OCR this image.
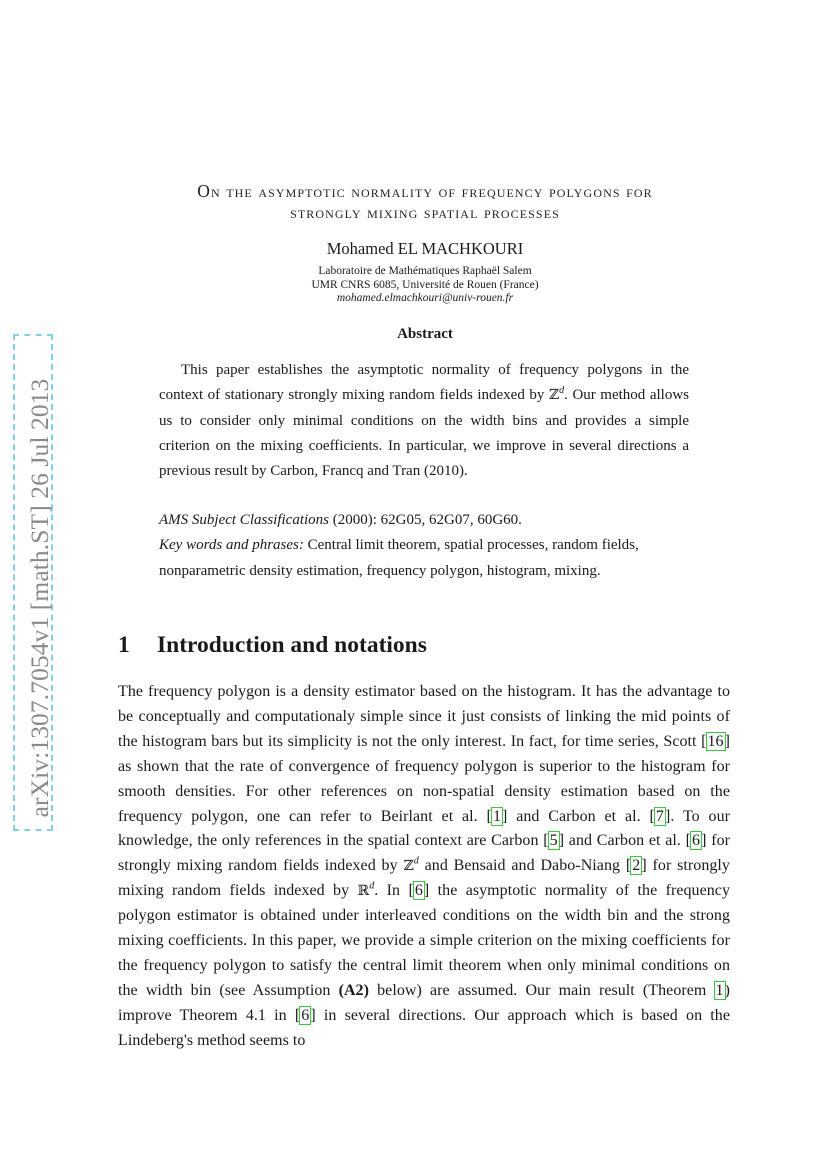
arXiv:1307.7054v1 [math.ST] 26 Jul 2013
On the asymptotic normality of frequency polygons for
strongly mixing spatial processes
Mohamed EL MACHKOURI
Laboratoire de Mathématiques Raphaël Salem
UMR CNRS 6085, Université de Rouen (France)
mohamed.elmachkouri@univ-rouen.fr
Abstract
This paper establishes the asymptotic normality of frequency polygons in the context of stationary strongly mixing random fields indexed by ℤ$^d$. Our method allows us to consider only minimal conditions on the width bins and provides a simple criterion on the mixing coefficients. In particular, we improve in several directions a previous result by Carbon, Francq and Tran (2010).
AMS Subject Classifications (2000): 62G05, 62G07, 60G60.
Key words and phrases: Central limit theorem, spatial processes, random fields, nonparametric density estimation, frequency polygon, histogram, mixing.
1 Introduction and notations

The frequency polygon is a density estimator based on the histogram. It has the advantage to be conceptually and computationaly simple since it just consists of linking the mid points of the histogram bars but its simplicity is not the only interest. In fact, for time series, Scott [16] as shown that the rate of convergence of frequency polygon is superior to the histogram for smooth densities. For other references on non-spatial density estimation based on the frequency polygon, one can refer to Beirlant et al. [1] and Carbon et al. [7]. To our knowledge, the only references in the spatial context are Carbon [5] and Carbon et al. [6] for strongly mixing random fields indexed by ℤ$^d$ and Bensaid and Dabo-Niang [2] for strongly mixing random fields indexed by ℝ$^d$. In [6] the asymptotic normality of the frequency polygon estimator is obtained under interleaved conditions on the width bin and the strong mixing coefficients. In this paper, we provide a simple criterion on the mixing coefficients for the frequency polygon to satisfy the central limit theorem when only minimal conditions on the width bin (see Assumption (A2) below) are assumed. Our main result (Theorem 1) improve Theorem 4.1 in [6] in several directions. Our approach which is based on the Lindeberg's method seems to
